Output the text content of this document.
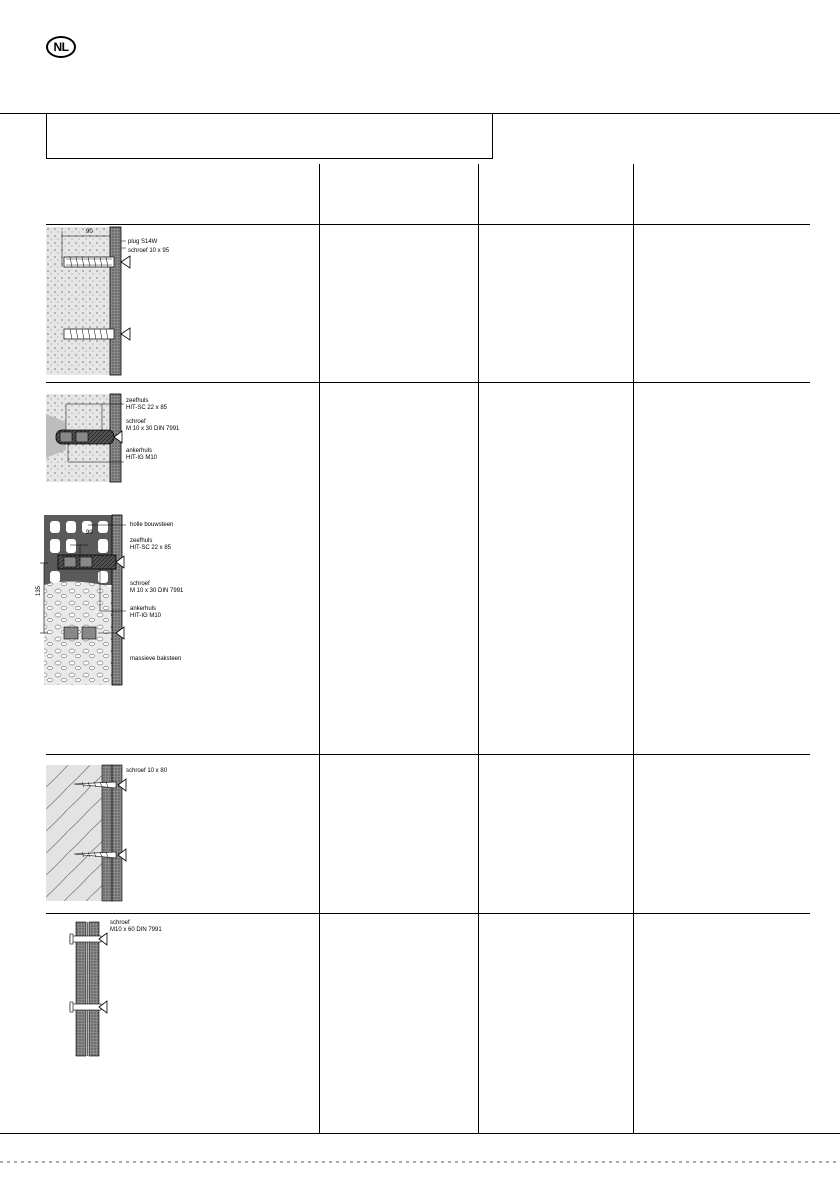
NL
90
plug S14W
schroef 10 x 95
zeefhuls
HIT-SC 22 x 85
schroef
M 10 x 30 DIN 7991
ankerhuls
HIT-IG M10
holle bouwsteen
90
zeefhuls
HIT-SC 22 x 85
schroef
M 10 x 30 DIN 7991
ankerhuls
HIT-IG M10
massieve baksteen
135
schroef 10 x 80
schroef
M10 x 60 DIN 7991
